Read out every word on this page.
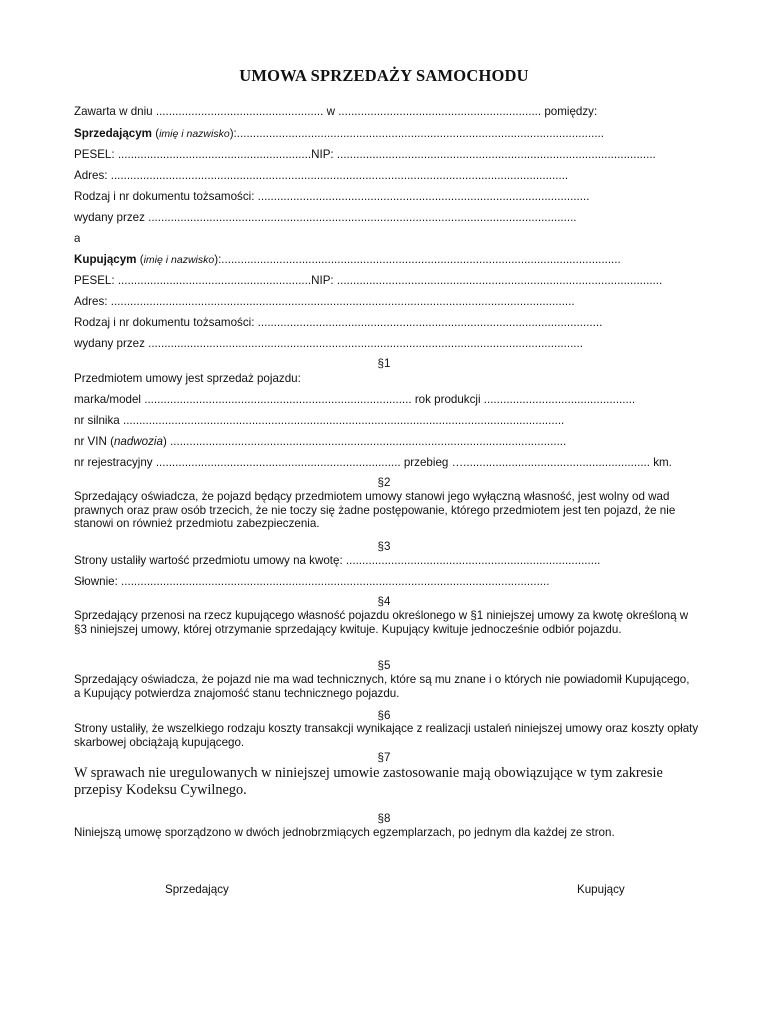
UMOWA SPRZEDAŻY SAMOCHODU
Zawarta w dniu .................................................... w ............................................................... pomiędzy:
Sprzedającym (imię i nazwisko):..................................................................................................................
PESEL: ............................................................NIP: ...................................................................................................
Adres: ..............................................................................................................................................
Rodzaj i nr dokumentu tożsamości: .......................................................................................................
wydany przez .....................................................................................................................................
a
Kupującym (imię i nazwisko):............................................................................................................................
PESEL: ............................................................NIP: .....................................................................................................
Adres: ................................................................................................................................................
Rodzaj i nr dokumentu tożsamości: ...........................................................................................................
wydany przez .......................................................................................................................................
§1
Przedmiotem umowy jest sprzedaż pojazdu:
marka/model ................................................................................... rok produkcji ...............................................
nr silnika .........................................................................................................................................
nr VIN (nadwozia) ...........................................................................................................................
nr rejestracyjny ............................................................................ przebieg ….......................................................... km.
§2
Sprzedający oświadcza, że pojazd będący przedmiotem umowy stanowi jego wyłączną własność, jest wolny od wad prawnych oraz praw osób trzecich, że nie toczy się żadne postępowanie, którego przedmiotem jest ten pojazd, że nie stanowi on również przedmiotu zabezpieczenia.
§3
Strony ustaliły wartość przedmiotu umowy na kwotę: ...............................................................................
Słownie: .....................................................................................................................................
§4
Sprzedający przenosi na rzecz kupującego własność pojazdu określonego w §1 niniejszej umowy za kwotę określoną w §3 niniejszej umowy, której otrzymanie sprzedający kwituje. Kupujący kwituje jednocześnie odbiór pojazdu.
§5
Sprzedający oświadcza, że pojazd nie ma wad technicznych, które są mu znane i o których nie powiadomił Kupującego, a Kupujący potwierdza znajomość stanu technicznego pojazdu.
§6
Strony ustaliły, że wszelkiego rodzaju koszty transakcji wynikające z realizacji ustaleń niniejszej umowy oraz koszty opłaty skarbowej obciążają kupującego.
§7
W sprawach nie uregulowanych w niniejszej umowie zastosowanie mają obowiązujące w tym zakresie przepisy Kodeksu Cywilnego.
§8
Niniejszą umowę sporządzono w dwóch jednobrzmiących egzemplarzach, po jednym dla każdej ze stron.
Sprzedający	Kupujący
